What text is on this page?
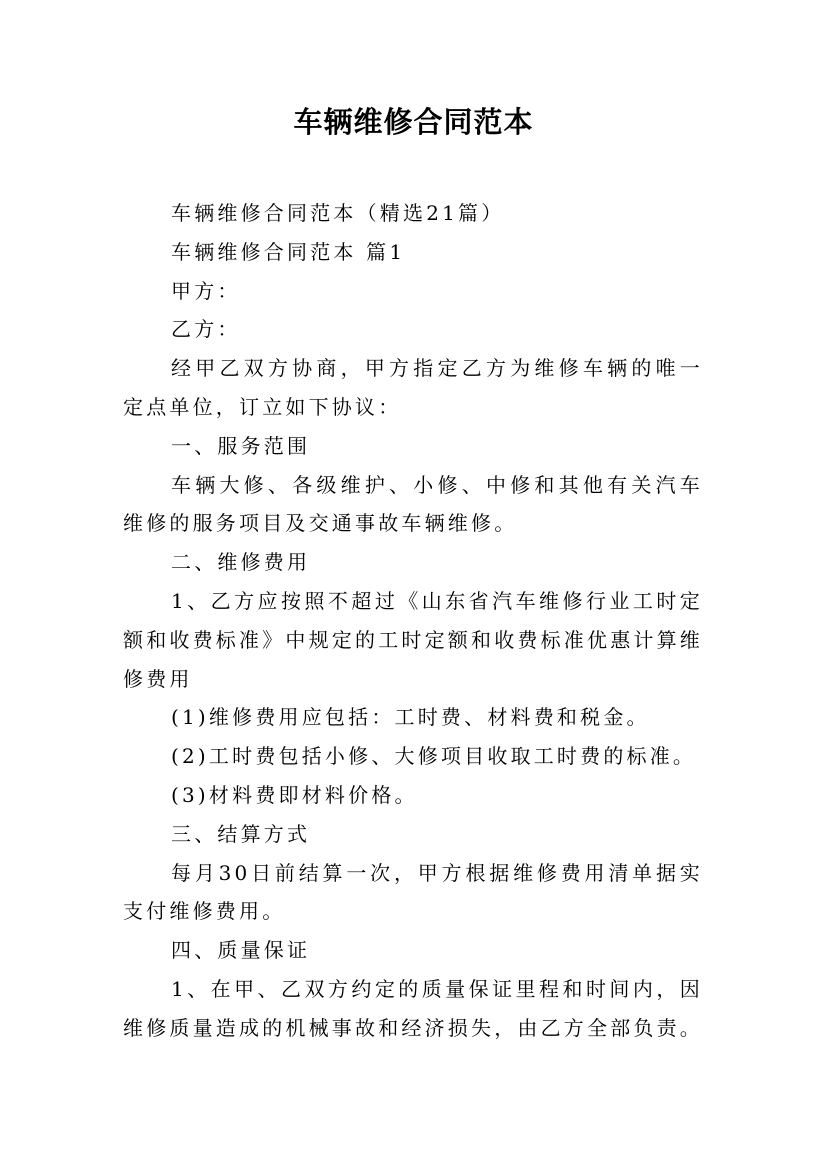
车辆维修合同范本

车辆维修合同范本（精选21篇）

车辆维修合同范本 篇1

甲方：

乙方：

经甲乙双方协商，甲方指定乙方为维修车辆的唯一定点单位，订立如下协议：

一、服务范围

车辆大修、各级维护、小修、中修和其他有关汽车维修的服务项目及交通事故车辆维修。

二、维修费用

1、乙方应按照不超过《山东省汽车维修行业工时定额和收费标准》中规定的工时定额和收费标准优惠计算维修费用

(1)维修费用应包括：工时费、材料费和税金。

(2)工时费包括小修、大修项目收取工时费的标准。

(3)材料费即材料价格。

三、结算方式

每月30日前结算一次，甲方根据维修费用清单据实支付维修费用。

四、质量保证

1、在甲、乙双方约定的质量保证里程和时间内，因维修质量造成的机械事故和经济损失，由乙方全部负责。
